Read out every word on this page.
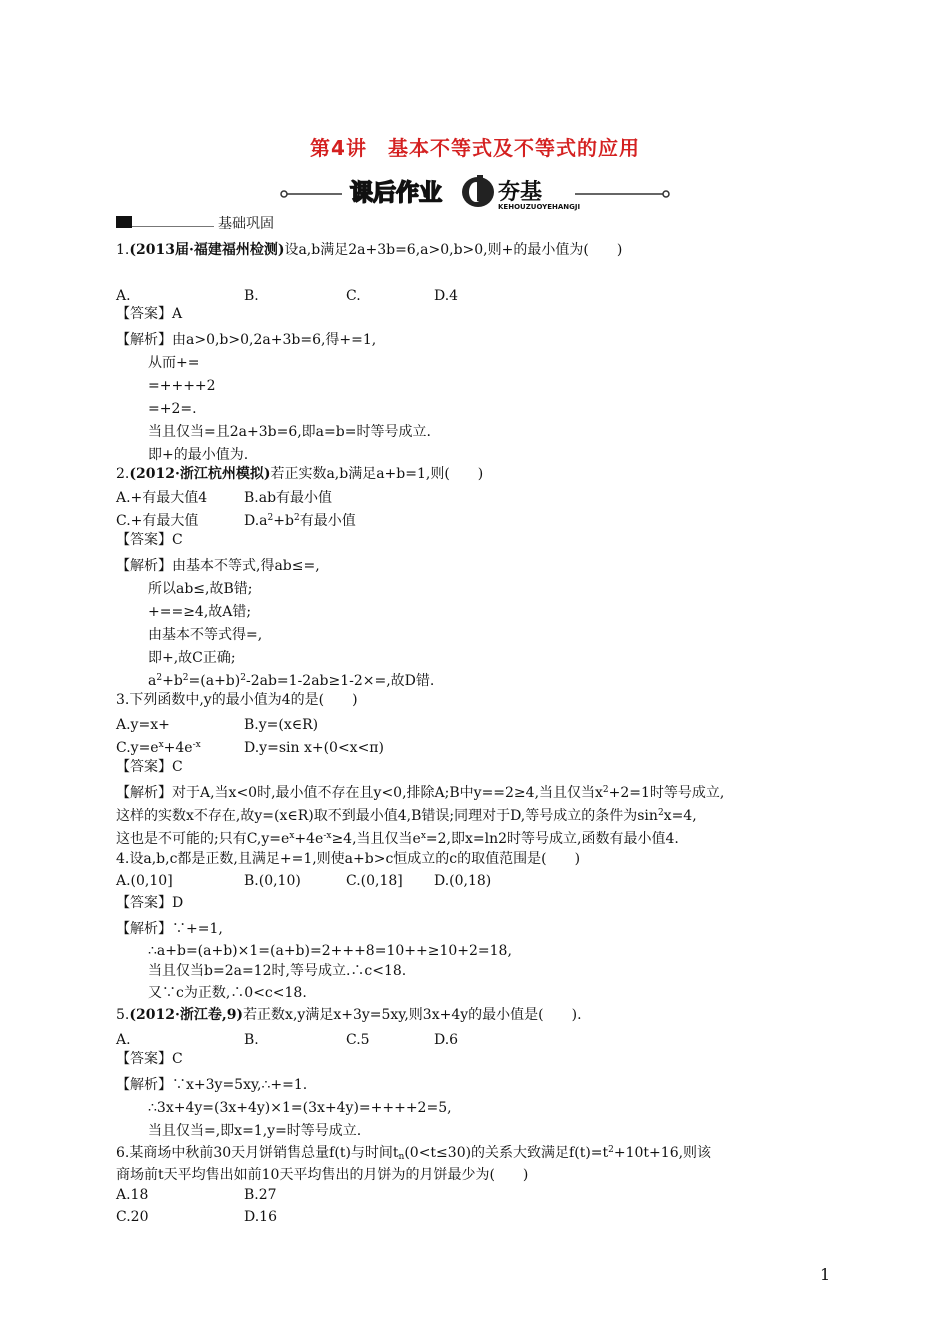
第4讲　基本不等式及不等式的应用
课后作业	夯基
KEHOUZUOYEHANGJI
基础巩固
1.(2013届·福建福州检测)设a,b满足2a+3b=6,a>0,b>0,则+的最小值为(　　)
A.	B.	C.	D.4
【答案】A
【解析】由a>0,b>0,2a+3b=6,得+=1,
从而+=
=++++2
=+2=.
当且仅当=且2a+3b=6,即a=b=时等号成立.
即+的最小值为.
2.(2012·浙江杭州模拟)若正实数a,b满足a+b=1,则(　　)
A.+有最大值4	B.ab有最小值
C.+有最大值	$D.a^2+b^2$有最小值
【答案】C
【解析】由基本不等式,得ab≤=,
所以ab≤,故B错;
+==≥4,故A错;
由基本不等式得=,
即+,故C正确;
$a^2+b^2=(a+b)^2-2ab=1-2ab\ge 1-2\times=$,故D错.
3.下列函数中,y的最小值为4的是(　　)
A.y=x+	B.y=(x∈R)
$C.y=e^x+4e^{-x}$	D.y=sin x+(0<x<π)
【答案】C
【解析】对于A,当x<0时,最小值不存在且y<0,排除A;B中y==2≥4,当且仅当$x^2+2=1$时等号成立,
这样的实数x不存在,故y=(x∈R)取不到最小值4,B错误;同理对于D,等号成立的条件为$\sin^2x=4$,
这也是不可能的;只有$C,y=e^x+4e^{-x}\ge 4$,当且仅当$e^x=2$,即x=ln2时等号成立,函数有最小值4.
4.设a,b,c都是正数,且满足+=1,则使a+b>c恒成立的c的取值范围是(　　)
A.(0,10]	B.(0,10)	C.(0,18] D.(0,18)
【答案】D
【解析】∵+=1,
∴a+b=(a+b)×1=(a+b)=2+++8=10++≥10+2=18,
当且仅当b=2a=12时,等号成立.∴c<18.
又∵c为正数,∴0<c<18.
5.(2012·浙江卷,9)若正数x,y满足x+3y=5xy,则3x+4y的最小值是(　　).
A.	B.	C.5	D.6
【答案】C
【解析】∵x+3y=5xy,∴+=1.
∴3x+4y=(3x+4y)×1=(3x+4y)=++++2=5,
当且仅当=,即x=1,y=时等号成立.
6.某商场中秋前30天月饼销售总量f(t)与时间$t_n(0<t\le 30)$的关系大致满足$f(t)=t^2+10t+16$,则该
商场前t天平均售出如前10天平均售出的月饼为的月饼最少为(　　)
A.18	B.27
C.20	D.16
1
